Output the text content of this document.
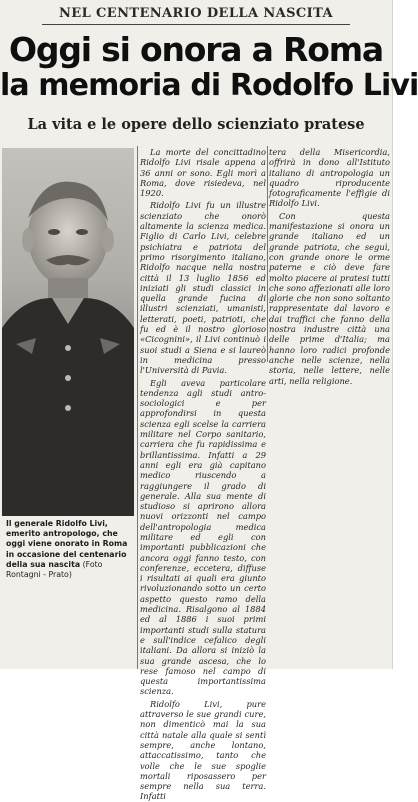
NEL CENTENARIO DELLA NASCITA
Oggi si onora a Roma
la memoria di Rodolfo Livi
La vita e le opere dello scienziato pratese
Il generale Ridolfo Livi, emerito antropologo, che oggi viene onorato in Roma in occasione del centenario della sua nascita (Foto Rontagni - Prato)

La morte del concittadino Ridolfo Livi risale appena a 36 anni or sono. Egli morì a Roma, dove risiedeva, nel 1920.

Ridolfo Livi fu un illustre scienziato che onorò altamente la scienza medica. Figlio di Carlo Livi, celebre psichiatra e patriota del primo risorgimento italiano, Ridolfo nacque nella nostra città il 13 luglio 1856 ed iniziati gli studi classici in quella grande fucina di illustri scienziati, umanisti, letterati, poeti, patrioti, che fu ed è il nostro glorioso «Cicognini», il Livi continuò i suoi studi a Siena e si laureò in medicina presso l'Università di Pavia.

Egli aveva particolare tendenza agli studi antro-sociologici e per approfondirsi in questa scienza egli scelse la carriera militare nel Corpo sanitario, carriera che fu rapidissima e brillantissima. Infatti a 29 anni egli era già capitano medico riuscendo a raggiungere il grado di generale. Alla sua mente di studioso si aprirono allora nuovi orizzonti nel campo dell'antropologia medica militare ed egli con importanti pubblicazioni che ancora oggi fanno testo, con conferenze, eccetera, diffuse i risultati ai quali era giunto rivoluzionando sotto un certo aspetto questo ramo della medicina. Risalgono al 1884 ed al 1886 i suoi primi importanti studi sulla statura e sull'indice cefalico degli italiani. Da allora si iniziò la sua grande ascesa, che lo rese famoso nel campo di questa importantissima scienza.

Ridolfo Livi, pure attraverso le sue grandi cure, non dimenticò mai la sua città natale alla quale si sentì sempre, anche lontano, attaccatissimo, tanto che volle che le sue spoglie mortali riposassero per sempre nella sua terra. Infatti

tera della Misericordia, offrirà in dono all'Istituto italiano di antropologia un quadro riproducente fotograficamente l'effigie di Ridolfo Livi.

Con questa manifestazione si onora un grande italiano ed un grande patriota, che seguì, con grande onore le orme paterne e ciò deve fare molto piacere ai pratesi tutti che sono affezionati alle loro glorie che non sono soltanto rappresentate dal lavoro e dai traffici che fanno della nostra industre città una delle prime d'Italia; ma hanno loro radici profonde anche nelle scienze, nella storia, nelle lettere, nelle arti, nella religione.
